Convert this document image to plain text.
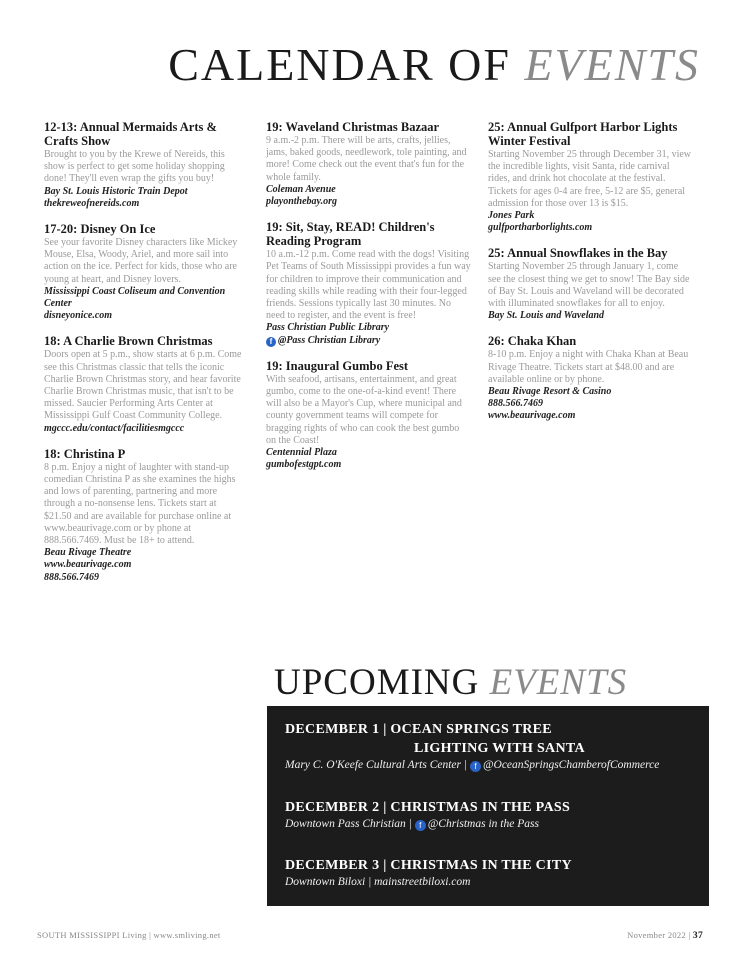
CALENDAR OF EVENTS
12-13: Annual Mermaids Arts & Crafts Show
Brought to you by the Krewe of Nereids, this show is perfect to get some holiday shopping done! They'll even wrap the gifts you buy!
Bay St. Louis Historic Train Depot
thekreweofnereids.com
17-20: Disney On Ice
See your favorite Disney characters like Mickey Mouse, Elsa, Woody, Ariel, and more sail into action on the ice. Perfect for kids, those who are young at heart, and Disney lovers.
Mississippi Coast Coliseum and Convention Center
disneyonice.com
18: A Charlie Brown Christmas
Doors open at 5 p.m., show starts at 6 p.m. Come see this Christmas classic that tells the iconic Charlie Brown Christmas story, and hear favorite Charlie Brown Christmas music, that isn't to be missed. Saucier Performing Arts Center at Mississippi Gulf Coast Community College.
mgccc.edu/contact/facilitiesmgccc
18: Christina P
8 p.m. Enjoy a night of laughter with stand-up comedian Christina P as she examines the highs and lows of parenting, partnering and more through a no-nonsense lens. Tickets start at $21.50 and are available for purchase online at www.beaurivage.com or by phone at 888.566.7469. Must be 18+ to attend.
Beau Rivage Theatre
www.beaurivage.com
888.566.7469
19: Waveland Christmas Bazaar
9 a.m.-2 p.m. There will be arts, crafts, jellies, jams, baked goods, needlework, tole painting, and more! Come check out the event that's fun for the whole family.
Coleman Avenue
playonthebay.org
19: Sit, Stay, READ! Children's Reading Program
10 a.m.-12 p.m. Come read with the dogs! Visiting Pet Teams of South Mississippi provides a fun way for children to improve their communication and reading skills while reading with their four-legged friends. Sessions typically last 30 minutes. No need to register, and the event is free!
Pass Christian Public Library
f @Pass Christian Library
19: Inaugural Gumbo Fest
With seafood, artisans, entertainment, and great gumbo, come to the one-of-a-kind event! There will also be a Mayor's Cup, where municipal and county government teams will compete for bragging rights of who can cook the best gumbo on the Coast!
Centennial Plaza
gumbofestgpt.com
25: Annual Gulfport Harbor Lights Winter Festival
Starting November 25 through December 31, view the incredible lights, visit Santa, ride carnival rides, and drink hot chocolate at the festival. Tickets for ages 0-4 are free, 5-12 are $5, general admission for those over 13 is $15.
Jones Park
gulfportharborlights.com
25: Annual Snowflakes in the Bay
Starting November 25 through January 1, come see the closest thing we get to snow! The Bay side of Bay St. Louis and Waveland will be decorated with illuminated snowflakes for all to enjoy.
Bay St. Louis and Waveland
26: Chaka Khan
8-10 p.m. Enjoy a night with Chaka Khan at Beau Rivage Theatre. Tickets start at $48.00 and are available online or by phone.
Beau Rivage Resort & Casino
888.566.7469
www.beaurivage.com
UPCOMING EVENTS
DECEMBER 1 | OCEAN SPRINGS TREE
LIGHTING WITH SANTA
Mary C. O'Keefe Cultural Arts Center | f @OceanSpringsChamberofCommerce
DECEMBER 2 | CHRISTMAS IN THE PASS
Downtown Pass Christian | f @Christmas in the Pass
DECEMBER 3 | CHRISTMAS IN THE CITY
Downtown Biloxi | mainstreetbiloxi.com
SOUTH MISSISSIPPI Living | www.smliving.net	November 2022 | 37
